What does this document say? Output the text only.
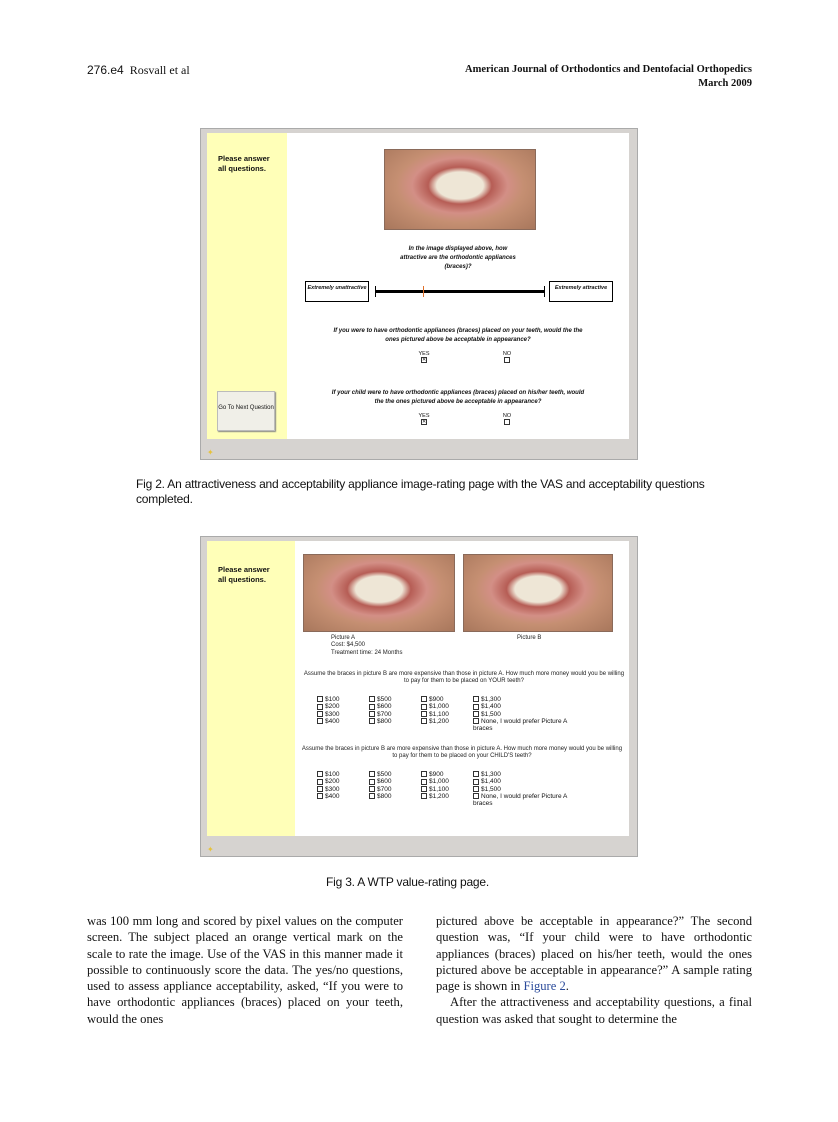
276.e4 Rosvall et al	American Journal of Orthodontics and Dentofacial Orthopedics
March 2009
Please answer all questions.
Go To Next Question
In the image displayed above, how attractive are the orthodontic appliances (braces)?
Extremely unattractive	Extremely attractive
If you were to have orthodontic appliances (braces) placed on your teeth, would the the ones pictured above be acceptable in appearance?
YES
✕
NO
If your child were to have orthodontic appliances (braces) placed on his/her teeth, would the the ones pictured above be acceptable in appearance?
YES
✕
NO
✦
Fig 2. An attractiveness and acceptability appliance image-rating page with the VAS and acceptability questions completed.
Please answer all questions.
Picture A
Cost: $4,500
Treatment time: 24 Months
Picture B
Assume the braces in picture B are more expensive than those in picture A. How much more money would you be willing to pay for them to be placed on YOUR teeth?
$100	$500	$900	$1,300
$200	$600	$1,000	$1,400
$300	$700	$1,100	$1,500
$400	$800	$1,200	None, I would prefer Picture A braces
Assume the braces in picture B are more expensive than those in picture A. How much more money would you be willing to pay for them to be placed on your CHILD'S teeth?
$100	$500	$900	$1,300
$200	$600	$1,000	$1,400
$300	$700	$1,100	$1,500
$400	$800	$1,200	None, I would prefer Picture A braces
✦
Fig 3. A WTP value-rating page.

was 100 mm long and scored by pixel values on the computer screen. The subject placed an orange vertical mark on the scale to rate the image. Use of the VAS in this manner made it possible to continuously score the data. The yes/no questions, used to assess appliance acceptability, asked, “If you were to have orthodontic appliances (braces) placed on your teeth, would the ones

pictured above be acceptable in appearance?” The second question was, “If your child were to have orthodontic appliances (braces) placed on his/her teeth, would the ones pictured above be acceptable in appearance?” A sample rating page is shown in Figure 2.

After the attractiveness and acceptability questions, a final question was asked that sought to determine the
